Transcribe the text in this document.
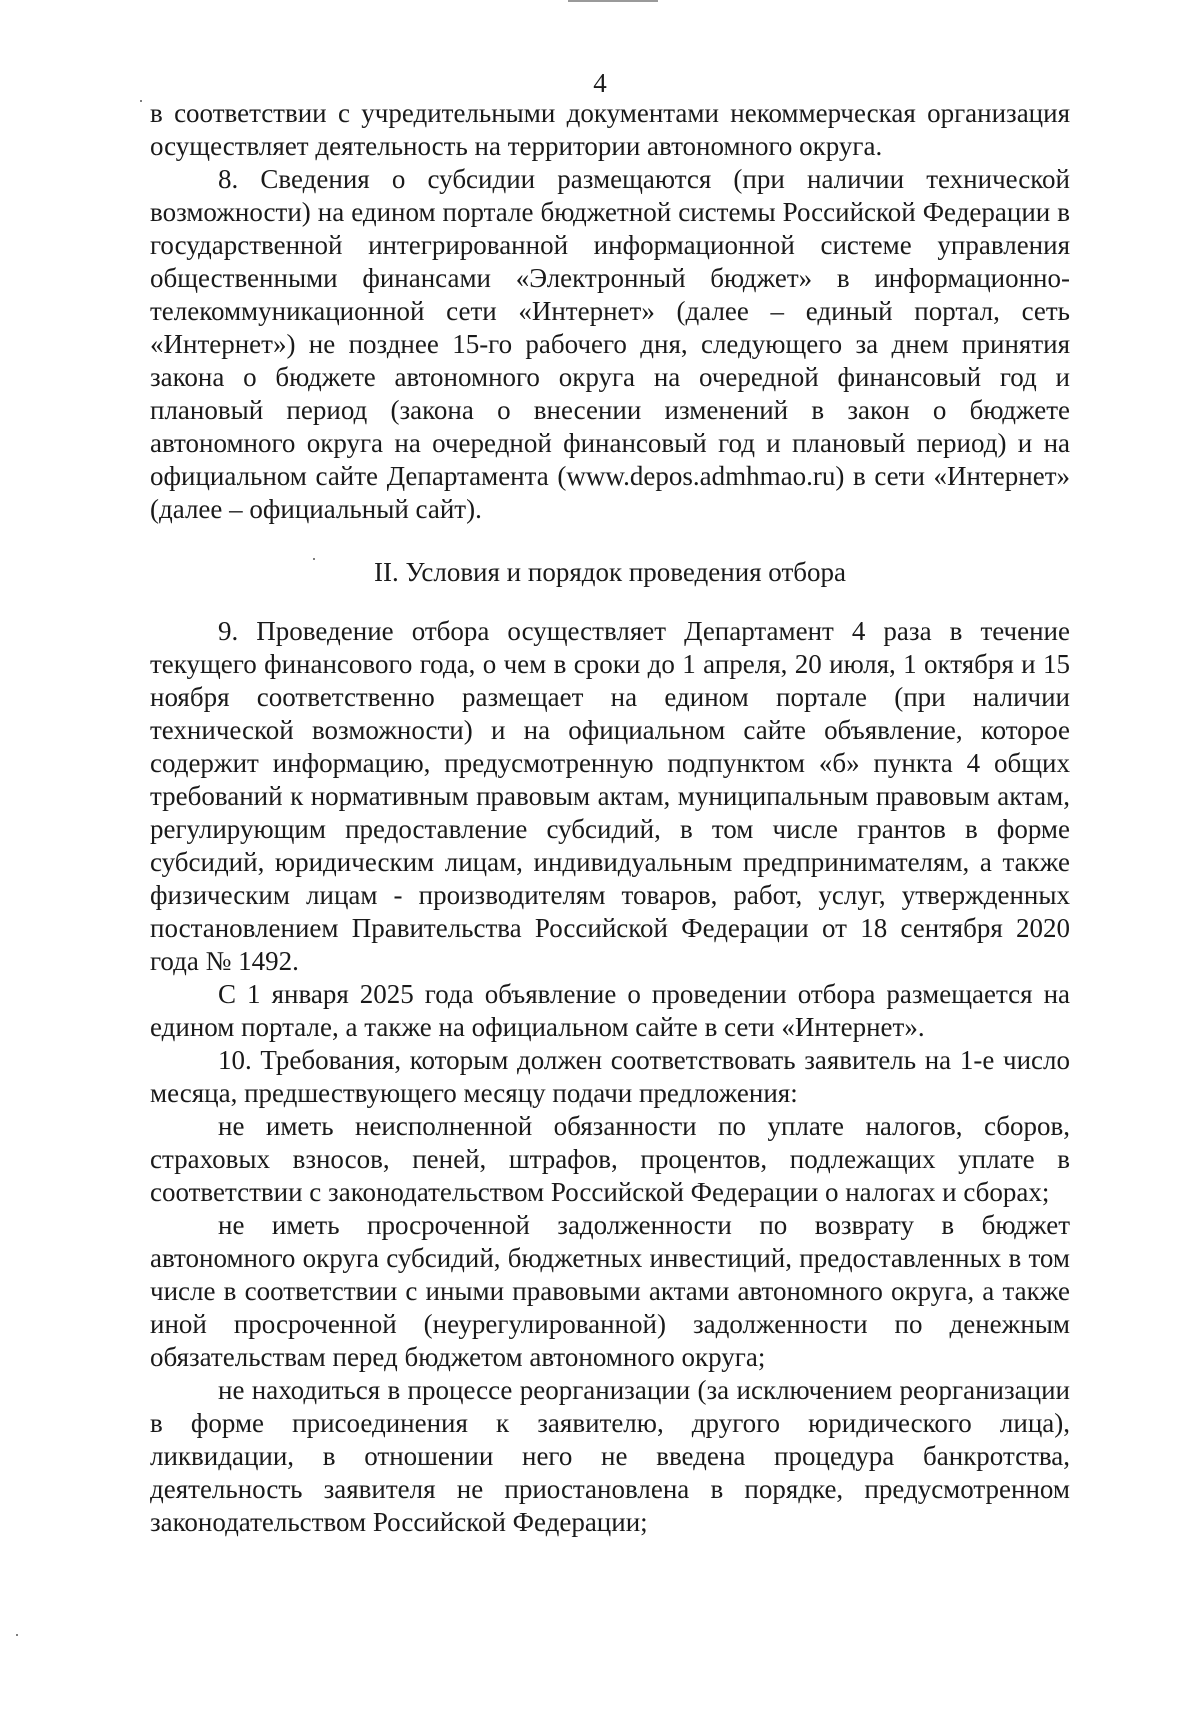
4

в соответствии с учредительными документами некоммерческая организация осуществляет деятельность на территории автономного округа.

8. Сведения о субсидии размещаются (при наличии технической возможности) на едином портале бюджетной системы Российской Федерации в государственной интегрированной информационной системе управления общественными финансами «Электронный бюджет» в информационно-телекоммуникационной сети «Интернет» (далее – единый портал, сеть «Интернет») не позднее 15-го рабочего дня, следующего за днем принятия закона о бюджете автономного округа на очередной финансовый год и плановый период (закона о внесении изменений в закон о бюджете автономного округа на очередной финансовый год и плановый период) и на официальном сайте Департамента (www.depos.admhmao.ru) в сети «Интернет» (далее – официальный сайт).

II. Условия и порядок проведения отбора

9. Проведение отбора осуществляет Департамент 4 раза в течение текущего финансового года, о чем в сроки до 1 апреля, 20 июля, 1 октября и 15 ноября соответственно размещает на едином портале (при наличии технической возможности) и на официальном сайте объявление, которое содержит информацию, предусмотренную подпунктом «б» пункта 4 общих требований к нормативным правовым актам, муниципальным правовым актам, регулирующим предоставление субсидий, в том числе грантов в форме субсидий, юридическим лицам, индивидуальным предпринимателям, а также физическим лицам - производителям товаров, работ, услуг, утвержденных постановлением Правительства Российской Федерации от 18 сентября 2020 года № 1492.

С 1 января 2025 года объявление о проведении отбора размещается на едином портале, а также на официальном сайте в сети «Интернет».

10. Требования, которым должен соответствовать заявитель на 1-е число месяца, предшествующего месяцу подачи предложения:

не иметь неисполненной обязанности по уплате налогов, сборов, страховых взносов, пеней, штрафов, процентов, подлежащих уплате в соответствии с законодательством Российской Федерации о налогах и сборах;

не иметь просроченной задолженности по возврату в бюджет автономного округа субсидий, бюджетных инвестиций, предоставленных в том числе в соответствии с иными правовыми актами автономного округа, а также иной просроченной (неурегулированной) задолженности по денежным обязательствам перед бюджетом автономного округа;

не находиться в процессе реорганизации (за исключением реорганизации в форме присоединения к заявителю, другого юридического лица), ликвидации, в отношении него не введена процедура банкротства, деятельность заявителя не приостановлена в порядке, предусмотренном законодательством Российской Федерации;
